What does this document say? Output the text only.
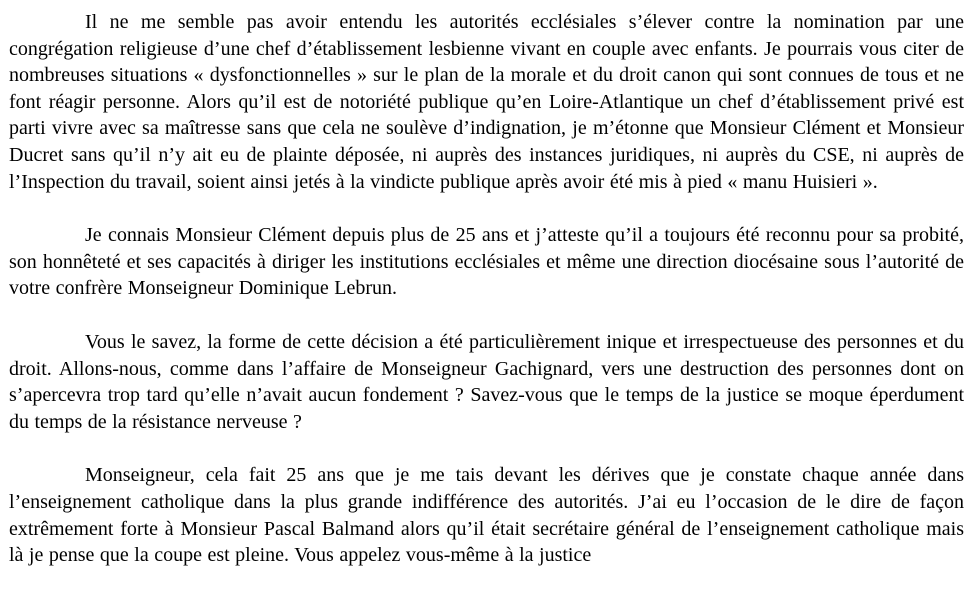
Il ne me semble pas avoir entendu les autorités ecclésiales s’élever contre la nomination par une congrégation religieuse d’une chef d’établissement lesbienne vivant en couple avec enfants. Je pourrais vous citer de nombreuses situations « dysfonctionnelles » sur le plan de la morale et du droit canon qui sont connues de tous et ne font réagir personne. Alors qu’il est de notoriété publique qu’en Loire-Atlantique un chef d’établissement privé est parti vivre avec sa maîtresse sans que cela ne soulève d’indignation, je m’étonne que Monsieur Clément et Monsieur Ducret sans qu’il n’y ait eu de plainte déposée, ni auprès des instances juridiques, ni auprès du CSE, ni auprès de l’Inspection du travail, soient ainsi jetés à la vindicte publique après avoir été mis à pied « manu Huisieri ».

Je connais Monsieur Clément depuis plus de 25 ans et j’atteste qu’il a toujours été reconnu pour sa probité, son honnêteté et ses capacités à diriger les institutions ecclésiales et même une direction diocésaine sous l’autorité de votre confrère Monseigneur Dominique Lebrun.

Vous le savez, la forme de cette décision a été particulièrement inique et irrespectueuse des personnes et du droit. Allons-nous, comme dans l’affaire de Monseigneur Gachignard, vers une destruction des personnes dont on s’apercevra trop tard qu’elle n’avait aucun fondement ? Savez-vous que le temps de la justice se moque éperdument du temps de la résistance nerveuse ?

Monseigneur, cela fait 25 ans que je me tais devant les dérives que je constate chaque année dans l’enseignement catholique dans la plus grande indifférence des autorités. J’ai eu l’occasion de le dire de façon extrêmement forte à Monsieur Pascal Balmand alors qu’il était secrétaire général de l’enseignement catholique mais là je pense que la coupe est pleine. Vous appelez vous-même à la justice
